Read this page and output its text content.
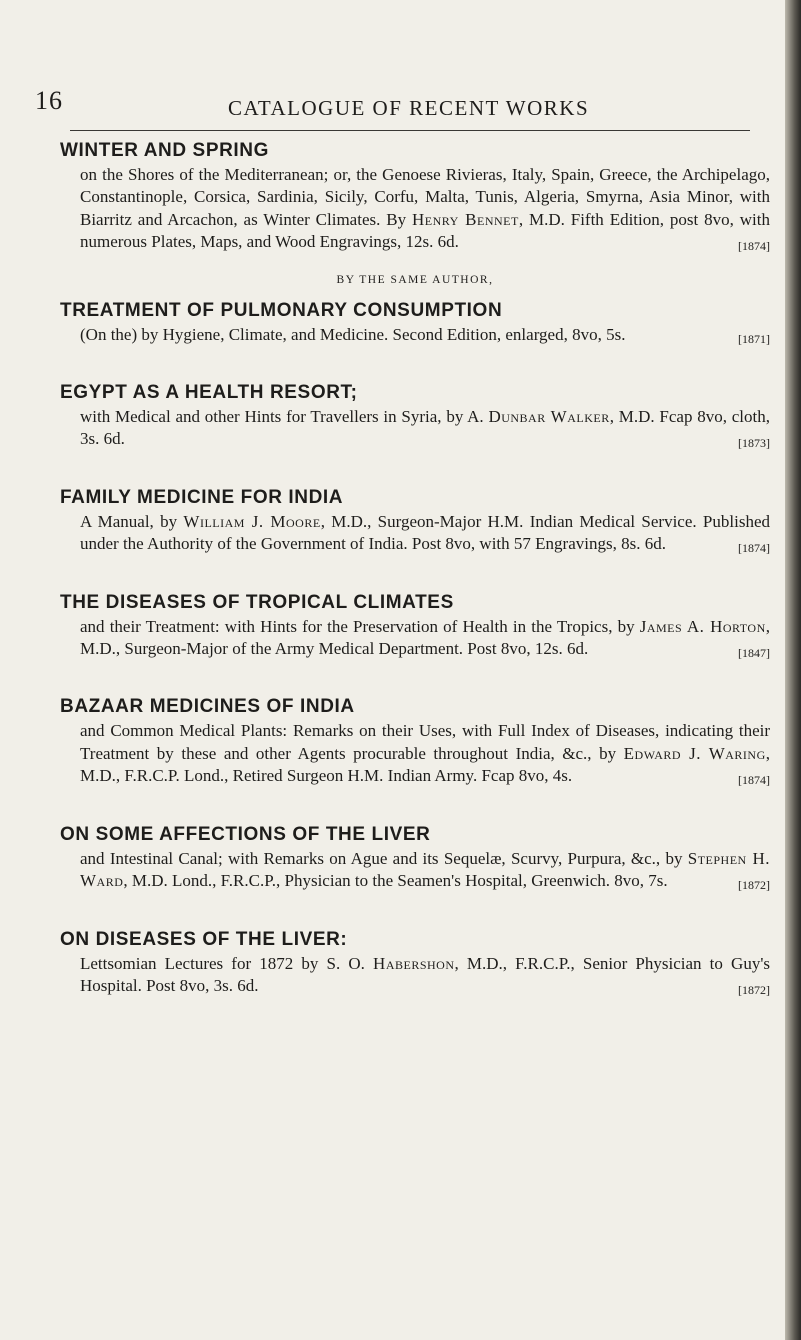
16	CATALOGUE OF RECENT WORKS
WINTER AND SPRING
on the Shores of the Mediterranean; or, the Genoese Rivieras, Italy, Spain, Greece, the Archipelago, Constantinople, Corsica, Sardinia, Sicily, Corfu, Malta, Tunis, Algeria, Smyrna, Asia Minor, with Biarritz and Arcachon, as Winter Climates. By Henry Bennet, M.D. Fifth Edition, post 8vo, with numerous Plates, Maps, and Wood Engravings, 12s. 6d.	[1874]
BY THE SAME AUTHOR,
TREATMENT OF PULMONARY CONSUMPTION
(On the) by Hygiene, Climate, and Medicine. Second Edition, enlarged, 8vo, 5s.	[1871]
EGYPT AS A HEALTH RESORT;
with Medical and other Hints for Travellers in Syria, by A. Dunbar Walker, M.D. Fcap 8vo, cloth, 3s. 6d.	[1873]
FAMILY MEDICINE FOR INDIA
A Manual, by William J. Moore, M.D., Surgeon-Major H.M. Indian Medical Service. Published under the Authority of the Government of India. Post 8vo, with 57 Engravings, 8s. 6d.	[1874]
THE DISEASES OF TROPICAL CLIMATES
and their Treatment: with Hints for the Preservation of Health in the Tropics, by James A. Horton, M.D., Surgeon-Major of the Army Medical Department. Post 8vo, 12s. 6d.	[1847]
BAZAAR MEDICINES OF INDIA
and Common Medical Plants: Remarks on their Uses, with Full Index of Diseases, indicating their Treatment by these and other Agents procurable throughout India, &c., by Edward J. Waring, M.D., F.R.C.P. Lond., Retired Surgeon H.M. Indian Army. Fcap 8vo, 4s.	[1874]
ON SOME AFFECTIONS OF THE LIVER
and Intestinal Canal; with Remarks on Ague and its Sequelæ, Scurvy, Purpura, &c., by Stephen H. Ward, M.D. Lond., F.R.C.P., Physician to the Seamen's Hospital, Greenwich. 8vo, 7s.	[1872]
ON DISEASES OF THE LIVER:
Lettsomian Lectures for 1872 by S. O. Habershon, M.D., F.R.C.P., Senior Physician to Guy's Hospital. Post 8vo, 3s. 6d.	[1872]
